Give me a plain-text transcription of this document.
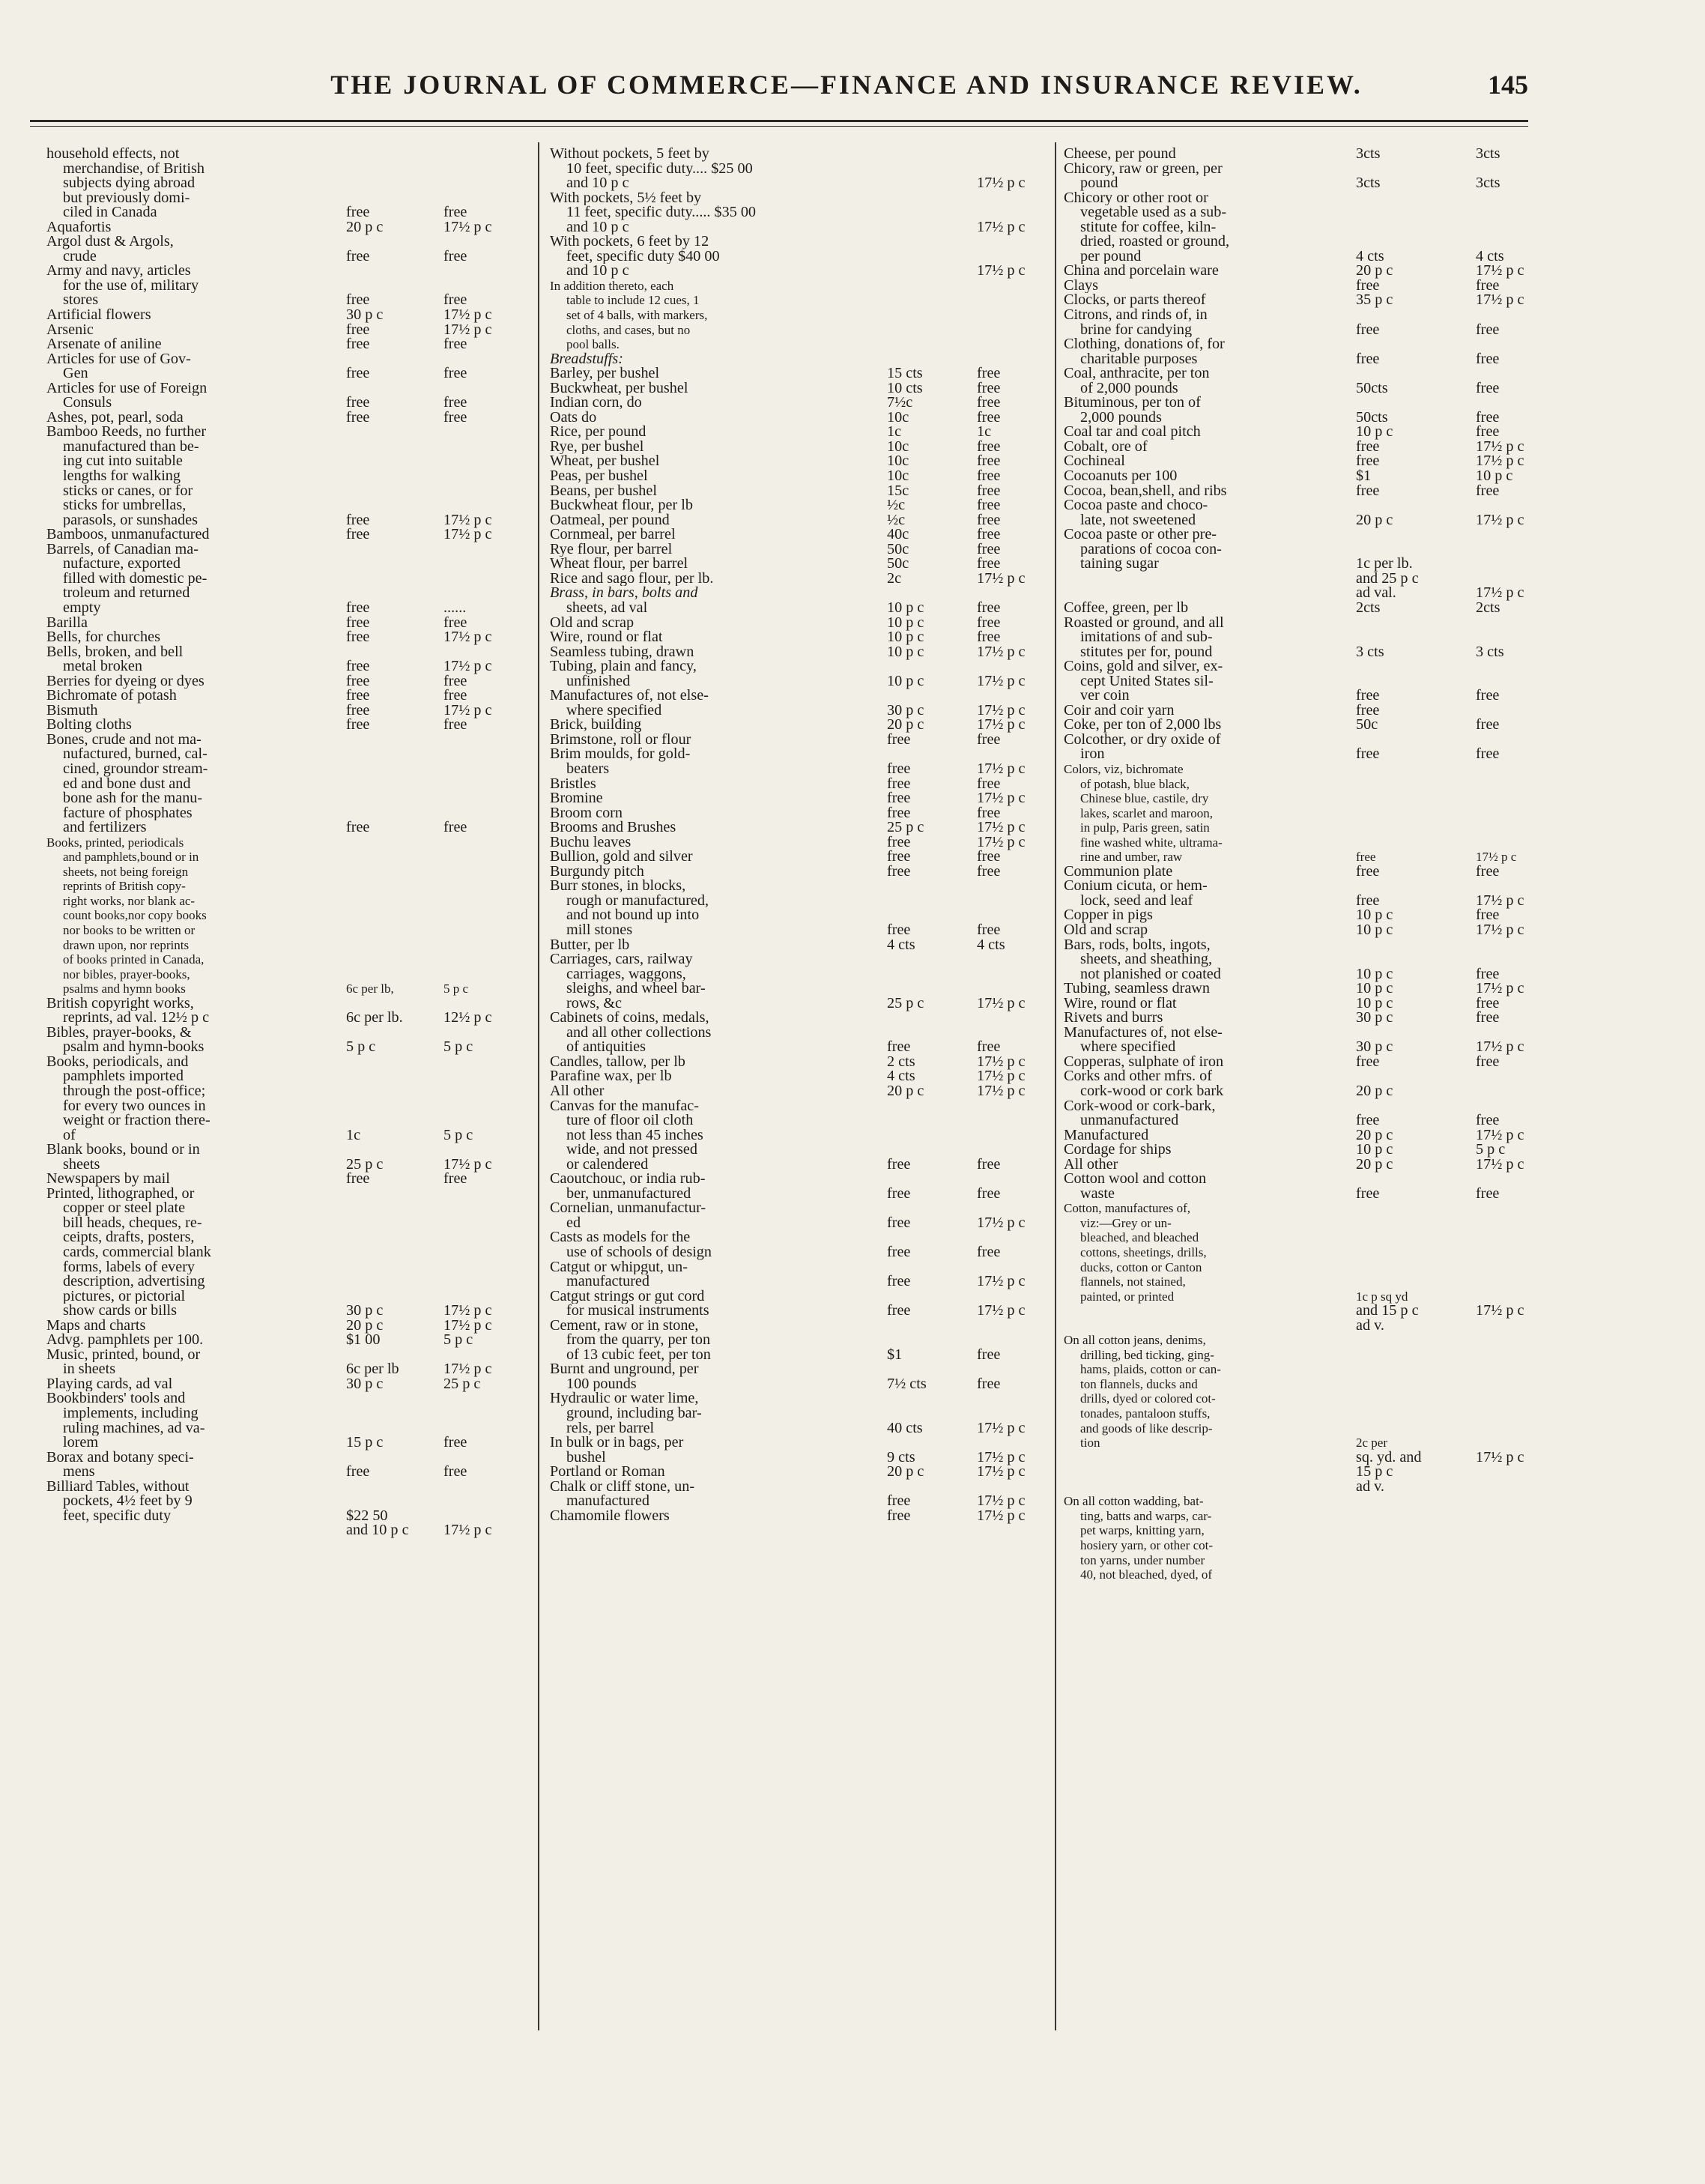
THE JOURNAL OF COMMERCE—FINANCE AND INSURANCE REVIEW.	145
household effects, not
merchandise, of British
subjects dying abroad
but previously domi-
ciled in Canada	free	free
Aquafortis	20 p c	17½ p c
Argol dust & Argols,
crude	free	free
Army and navy, articles
for the use of, military
stores	free	free
Artificial flowers	30 p c	17½ p c
Arsenic	free	17½ p c
Arsenate of aniline	free	free
Articles for use of Gov-
Gen	free	free
Articles for use of Foreign
Consuls	free	free
Ashes, pot, pearl, soda	free	free
Bamboo Reeds, no further
manufactured than be-
ing cut into suitable
lengths for walking
sticks or canes, or for
sticks for umbrellas,
parasols, or sunshades	free	17½ p c
Bamboos, unmanufactured	free	17½ p c
Barrels, of Canadian ma-
nufacture, exported
filled with domestic pe-
troleum and returned
empty	free	......
Barilla	free	free
Bells, for churches	free	17½ p c
Bells, broken, and bell
metal broken	free	17½ p c
Berries for dyeing or dyes	free	free
Bichromate of potash	free	free
Bismuth	free	17½ p c
Bolting cloths	free	free
Bones, crude and not ma-
nufactured, burned, cal-
cined, groundor stream-
ed and bone dust and
bone ash for the manu-
facture of phosphates
and fertilizers	free	free
Books, printed, periodicals
and pamphlets,bound or in
sheets, not being foreign
reprints of British copy-
right works, nor blank ac-
count books,nor copy books
nor books to be written or
drawn upon, nor reprints
of books printed in Canada,
nor bibles, prayer-books,
psalms and hymn books	6c per lb,	5 p c
British copyright works,
reprints, ad val. 12½ p c	6c per lb.	12½ p c
Bibles, prayer-books, &
psalm and hymn-books	5 p c	5 p c
Books, periodicals, and
pamphlets imported
through the post-office;
for every two ounces in
weight or fraction there-
of	1c	5 p c
Blank books, bound or in
sheets	25 p c	17½ p c
Newspapers by mail	free	free
Printed, lithographed, or
copper or steel plate
bill heads, cheques, re-
ceipts, drafts, posters,
cards, commercial blank
forms, labels of every
description, advertising
pictures, or pictorial
show cards or bills	30 p c	17½ p c
Maps and charts	20 p c	17½ p c
Advg. pamphlets per 100.	$1 00	5 p c
Music, printed, bound, or
in sheets	6c per lb	17½ p c
Playing cards, ad val	30 p c	25 p c
Bookbinders' tools and
implements, including
ruling machines, ad va-
lorem	15 p c	free
Borax and botany speci-
mens	free	free
Billiard Tables, without
pockets, 4½ feet by 9
feet, specific duty	$22 50
and 10 p c	17½ p c
Without pockets, 5 feet by
10 feet, specific duty.... $25 00
and 10 p c	17½ p c
With pockets, 5½ feet by
11 feet, specific duty..... $35 00
and 10 p c	17½ p c
With pockets, 6 feet by 12
feet, specific duty $40 00
and 10 p c	17½ p c
In addition thereto, each
table to include 12 cues, 1
set of 4 balls, with markers,
cloths, and cases, but no
pool balls.
Breadstuffs:
Barley, per bushel	15 cts	free
Buckwheat, per bushel	10 cts	free
Indian corn, do	7½c	free
Oats do	10c	free
Rice, per pound	1c	1c
Rye, per bushel	10c	free
Wheat, per bushel	10c	free
Peas, per bushel	10c	free
Beans, per bushel	15c	free
Buckwheat flour, per lb	½c	free
Oatmeal, per pound	½c	free
Cornmeal, per barrel	40c	free
Rye flour, per barrel	50c	free
Wheat flour, per barrel	50c	free
Rice and sago flour, per lb.	2c	17½ p c
Brass, in bars, bolts and
sheets, ad val	10 p c	free
Old and scrap	10 p c	free
Wire, round or flat	10 p c	free
Seamless tubing, drawn	10 p c	17½ p c
Tubing, plain and fancy,
unfinished	10 p c	17½ p c
Manufactures of, not else-
where specified	30 p c	17½ p c
Brick, building	20 p c	17½ p c
Brimstone, roll or flour	free	free
Brim moulds, for gold-
beaters	free	17½ p c
Bristles	free	free
Bromine	free	17½ p c
Broom corn	free	free
Brooms and Brushes	25 p c	17½ p c
Buchu leaves	free	17½ p c
Bullion, gold and silver	free	free
Burgundy pitch	free	free
Burr stones, in blocks,
rough or manufactured,
and not bound up into
mill stones	free	free
Butter, per lb	4 cts	4 cts
Carriages, cars, railway
carriages, waggons,
sleighs, and wheel bar-
rows, &c	25 p c	17½ p c
Cabinets of coins, medals,
and all other collections
of antiquities	free	free
Candles, tallow, per lb	2 cts	17½ p c
Parafine wax, per lb	4 cts	17½ p c
All other	20 p c	17½ p c
Canvas for the manufac-
ture of floor oil cloth
not less than 45 inches
wide, and not pressed
or calendered	free	free
Caoutchouc, or india rub-
ber, unmanufactured	free	free
Cornelian, unmanufactur-
ed	free	17½ p c
Casts as models for the
use of schools of design	free	free
Catgut or whipgut, un-
manufactured	free	17½ p c
Catgut strings or gut cord
for musical instruments	free	17½ p c
Cement, raw or in stone,
from the quarry, per ton
of 13 cubic feet, per ton	$1	free
Burnt and unground, per
100 pounds	7½ cts	free
Hydraulic or water lime,
ground, including bar-
rels, per barrel	40 cts	17½ p c
In bulk or in bags, per
bushel	9 cts	17½ p c
Portland or Roman	20 p c	17½ p c
Chalk or cliff stone, un-
manufactured	free	17½ p c
Chamomile flowers	free	17½ p c
Cheese, per pound	3cts	3cts
Chicory, raw or green, per
pound	3cts	3cts
Chicory or other root or
vegetable used as a sub-
stitute for coffee, kiln-
dried, roasted or ground,
per pound	4 cts	4 cts
China and porcelain ware	20 p c	17½ p c
Clays	free	free
Clocks, or parts thereof	35 p c	17½ p c
Citrons, and rinds of, in
brine for candying	free	free
Clothing, donations of, for
charitable purposes	free	free
Coal, anthracite, per ton
of 2,000 pounds	50cts	free
Bituminous, per ton of
2,000 pounds	50cts	free
Coal tar and coal pitch	10 p c	free
Cobalt, ore of	free	17½ p c
Cochineal	free	17½ p c
Cocoanuts per 100	$1	10 p c
Cocoa, bean,shell, and ribs	free	free
Cocoa paste and choco-
late, not sweetened	20 p c	17½ p c
Cocoa paste or other pre-
parations of cocoa con-
taining sugar	1c per lb.
and 25 p c
ad val.	17½ p c
Coffee, green, per lb	2cts	2cts
Roasted or ground, and all
imitations of and sub-
stitutes per for, pound	3 cts	3 cts
Coins, gold and silver, ex-
cept United States sil-
ver coin	free	free
Coir and coir yarn	free
Coke, per ton of 2,000 lbs	50c	free
Colcother, or dry oxide of
iron	free	free
Colors, viz, bichromate
of potash, blue black,
Chinese blue, castile, dry
lakes, scarlet and maroon,
in pulp, Paris green, satin
fine washed white, ultrama-
rine and umber, raw	free	17½ p c
Communion plate	free	free
Conium cicuta, or hem-
lock, seed and leaf	free	17½ p c
Copper in pigs	10 p c	free
Old and scrap	10 p c	17½ p c
Bars, rods, bolts, ingots,
sheets, and sheathing,
not planished or coated	10 p c	free
Tubing, seamless drawn	10 p c	17½ p c
Wire, round or flat	10 p c	free
Rivets and burrs	30 p c	free
Manufactures of, not else-
where specified	30 p c	17½ p c
Copperas, sulphate of iron	free	free
Corks and other mfrs. of
cork-wood or cork bark	20 p c
Cork-wood or cork-bark,
unmanufactured	free	free
Manufactured	20 p c	17½ p c
Cordage for ships	10 p c	5 p c
All other	20 p c	17½ p c
Cotton wool and cotton
waste	free	free
Cotton, manufactures of,
viz:—Grey or un-
bleached, and bleached
cottons, sheetings, drills,
ducks, cotton or Canton
flannels, not stained,
painted, or printed	1c p sq yd
and 15 p c	17½ p c
ad v.
On all cotton jeans, denims,
drilling, bed ticking, ging-
hams, plaids, cotton or can-
ton flannels, ducks and
drills, dyed or colored cot-
tonades, pantaloon stuffs,
and goods of like descrip-
tion	2c per
sq. yd. and	17½ p c
15 p c
ad v.
On all cotton wadding, bat-
ting, batts and warps, car-
pet warps, knitting yarn,
hosiery yarn, or other cot-
ton yarns, under number
40, not bleached, dyed, of
